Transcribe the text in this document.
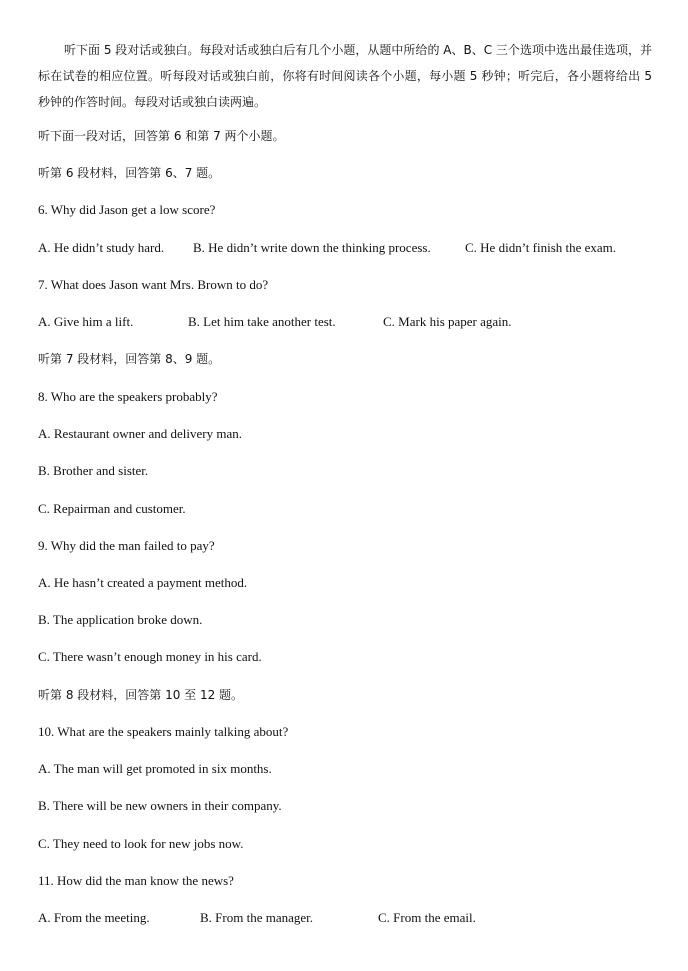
听下面 5 段对话或独白。每段对话或独白后有几个小题，从题中所给的 A、B、C 三个选项中选出最佳选项，并标在试卷的相应位置。听每段对话或独白前，你将有时间阅读各个小题，每小题 5 秒钟；听完后，各小题将给出 5 秒钟的作答时间。每段对话或独白读两遍。

听下面一段对话，回答第 6 和第 7 两个小题。
听第 6 段材料，回答第 6、7 题。
6. Why did Jason get a low score?
A. He didn’t study hard. B. He didn’t write down the thinking process.	C. He didn’t finish the exam.
7. What does Jason want Mrs. Brown to do?
A. Give him a lift.	B. Let him take another test.	C. Mark his paper again.
听第 7 段材料，回答第 8、9 题。
8. Who are the speakers probably?
A. Restaurant owner and delivery man.
B. Brother and sister.
C. Repairman and customer.
9. Why did the man failed to pay?
A. He hasn’t created a payment method.
B. The application broke down.
C. There wasn’t enough money in his card.
听第 8 段材料，回答第 10 至 12 题。
10. What are the speakers mainly talking about?
A. The man will get promoted in six months.
B. There will be new owners in their company.
C. They need to look for new jobs now.
11. How did the man know the news?
A. From the meeting.	B. From the manager.	C. From the email.
